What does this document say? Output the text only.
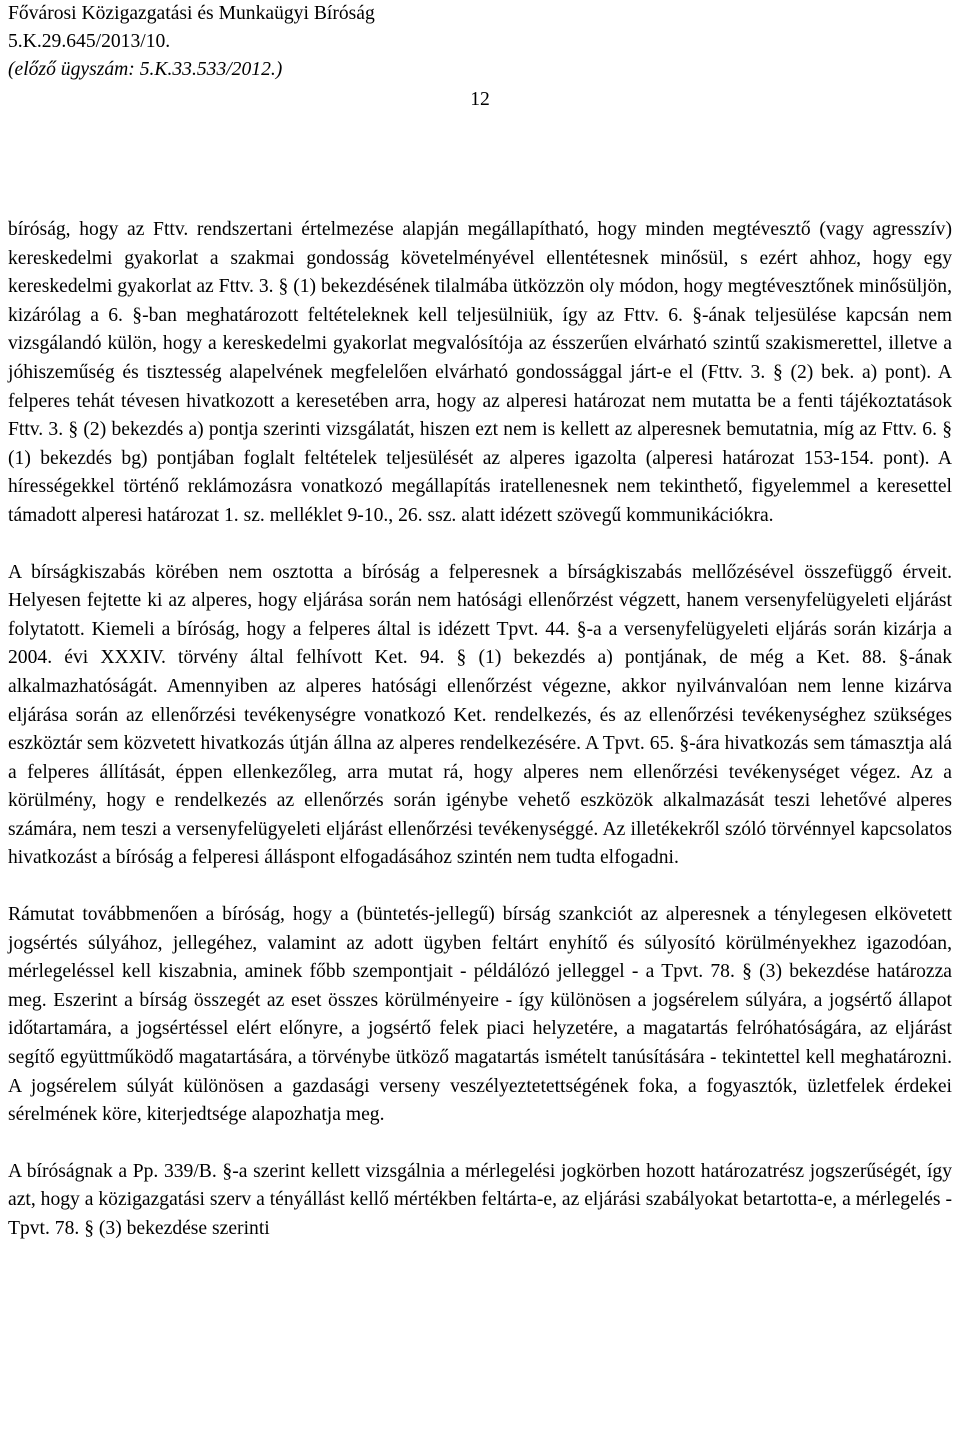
Fővárosi Közigazgatási és Munkaügyi Bíróság
5.K.29.645/2013/10.
(előző ügyszám: 5.K.33.533/2012.)
12

bíróság, hogy az Fttv. rendszertani értelmezése alapján megállapítható, hogy minden megtévesztő (vagy agresszív) kereskedelmi gyakorlat a szakmai gondosság követelményével ellentétesnek minősül, s ezért ahhoz, hogy egy kereskedelmi gyakorlat az Fttv. 3. § (1) bekezdésének tilalmába ütközzön oly módon, hogy megtévesztőnek minősüljön, kizárólag a 6. §-ban meghatározott feltételeknek kell teljesülniük, így az Fttv. 6. §-ának teljesülése kapcsán nem vizsgálandó külön, hogy a kereskedelmi gyakorlat megvalósítója az ésszerűen elvárható szintű szakismerettel, illetve a jóhiszeműség és tisztesség alapelvének megfelelően elvárható gondossággal járt-e el (Fttv. 3. § (2) bek. a) pont). A felperes tehát tévesen hivatkozott a keresetében arra, hogy az alperesi határozat nem mutatta be a fenti tájékoztatások Fttv. 3. § (2) bekezdés a) pontja szerinti vizsgálatát, hiszen ezt nem is kellett az alperesnek bemutatnia, míg az Fttv. 6. § (1) bekezdés bg) pontjában foglalt feltételek teljesülését az alperes igazolta (alperesi határozat 153-154. pont). A hírességekkel történő reklámozásra vonatkozó megállapítás iratellenesnek nem tekinthető, figyelemmel a keresettel támadott alperesi határozat 1. sz. melléklet 9-10., 26. ssz. alatt idézett szövegű kommunikációkra.

A bírságkiszabás körében nem osztotta a bíróság a felperesnek a bírságkiszabás mellőzésével összefüggő érveit. Helyesen fejtette ki az alperes, hogy eljárása során nem hatósági ellenőrzést végzett, hanem versenyfelügyeleti eljárást folytatott. Kiemeli a bíróság, hogy a felperes által is idézett Tpvt. 44. §-a a versenyfelügyeleti eljárás során kizárja a 2004. évi XXXIV. törvény által felhívott Ket. 94. § (1) bekezdés a) pontjának, de még a Ket. 88. §-ának alkalmazhatóságát. Amennyiben az alperes hatósági ellenőrzést végezne, akkor nyilvánvalóan nem lenne kizárva eljárása során az ellenőrzési tevékenységre vonatkozó Ket. rendelkezés, és az ellenőrzési tevékenységhez szükséges eszköztár sem közvetett hivatkozás útján állna az alperes rendelkezésére. A Tpvt. 65. §-ára hivatkozás sem támasztja alá a felperes állítását, éppen ellenkezőleg, arra mutat rá, hogy alperes nem ellenőrzési tevékenységet végez. Az a körülmény, hogy e rendelkezés az ellenőrzés során igénybe vehető eszközök alkalmazását teszi lehetővé alperes számára, nem teszi a versenyfelügyeleti eljárást ellenőrzési tevékenységgé. Az illetékekről szóló törvénnyel kapcsolatos hivatkozást a bíróság a felperesi álláspont elfogadásához szintén nem tudta elfogadni.

Rámutat továbbmenően a bíróság, hogy a (büntetés-jellegű) bírság szankciót az alperesnek a ténylegesen elkövetett jogsértés súlyához, jellegéhez, valamint az adott ügyben feltárt enyhítő és súlyosító körülményekhez igazodóan, mérlegeléssel kell kiszabnia, aminek főbb szempontjait - példálózó jelleggel - a Tpvt. 78. § (3) bekezdése határozza meg. Eszerint a bírság összegét az eset összes körülményeire - így különösen a jogsérelem súlyára, a jogsértő állapot időtartamára, a jogsértéssel elért előnyre, a jogsértő felek piaci helyzetére, a magatartás felróhatóságára, az eljárást segítő együttműködő magatartására, a törvénybe ütköző magatartás ismételt tanúsítására - tekintettel kell meghatározni. A jogsérelem súlyát különösen a gazdasági verseny veszélyeztetettségének foka, a fogyasztók, üzletfelek érdekei sérelmének köre, kiterjedtsége alapozhatja meg.

A bíróságnak a Pp. 339/B. §-a szerint kellett vizsgálnia a mérlegelési jogkörben hozott határozatrész jogszerűségét, így azt, hogy a közigazgatási szerv a tényállást kellő mértékben feltárta-e, az eljárási szabályokat betartotta-e, a mérlegelés - Tpvt. 78. § (3) bekezdése szerinti
